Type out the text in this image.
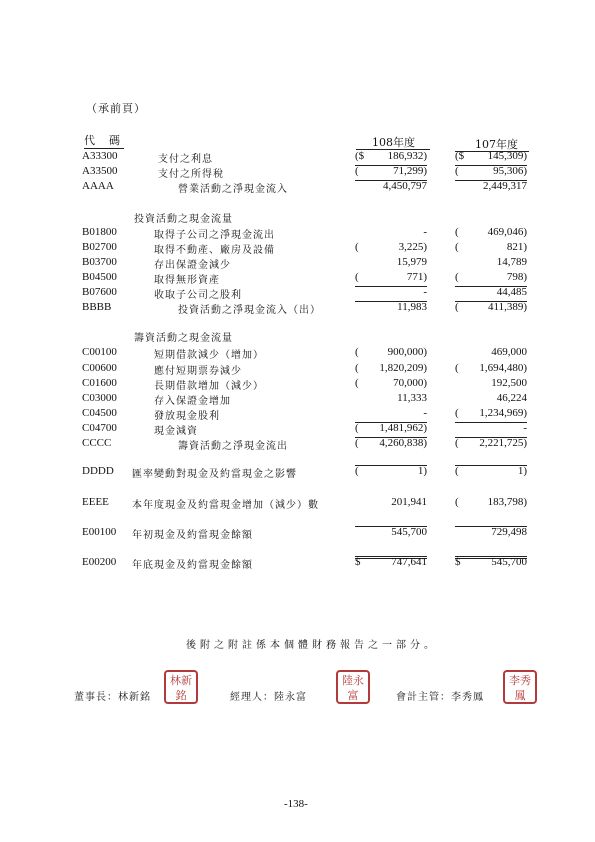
（承前頁）
代碼	108年度	107年度
A33300	支付之利息	($ 186,932)	($ 145,309)
A33500	支付之所得稅	(	71,299)	(	95,306)
AAAA	營業活動之淨現金流入	4,450,797	2,449,317
投資活動之現金流量
B01800	取得子公司之淨現金流出	-	(	469,046)
B02700	取得不動產、廠房及設備	(	3,225)	(	821)
B03700	存出保證金減少	15,979	14,789
B04500	取得無形資產	(	771)	(	798)
B07600	收取子公司之股利	-	44,485
BBBB	投資活動之淨現金流入（出）	11,983	(	411,389)
籌資活動之現金流量
C00100	短期借款減少（增加）	(	900,000)	469,000
C00600	應付短期票券減少	( 1,820,209)	( 1,694,480)
C01600	長期借款增加（減少）	(	70,000)	192,500
C03000	存入保證金增加	11,333	46,224
C04500	發放現金股利	-	( 1,234,969)
C04700	現金減資	( 1,481,962)	-
CCCC	籌資活動之淨現金流出	( 4,260,838)	( 2,221,725)
DDDD 匯率變動對現金及約當現金之影響	(	1)	(	1)
EEEE 本年度現金及約當現金增加（減少）數	201,941	(	183,798)
E00100 年初現金及約當現金餘額	545,700	729,498
E00200 年底現金及約當現金餘額	$	747,641	$	545,700
後附之附註係本個體財務報告之一部分。
董事長：林新銘
林新 銘	經理人：陸永富
陸永 富	會計主管：李秀鳳
李秀 鳳
-138-
